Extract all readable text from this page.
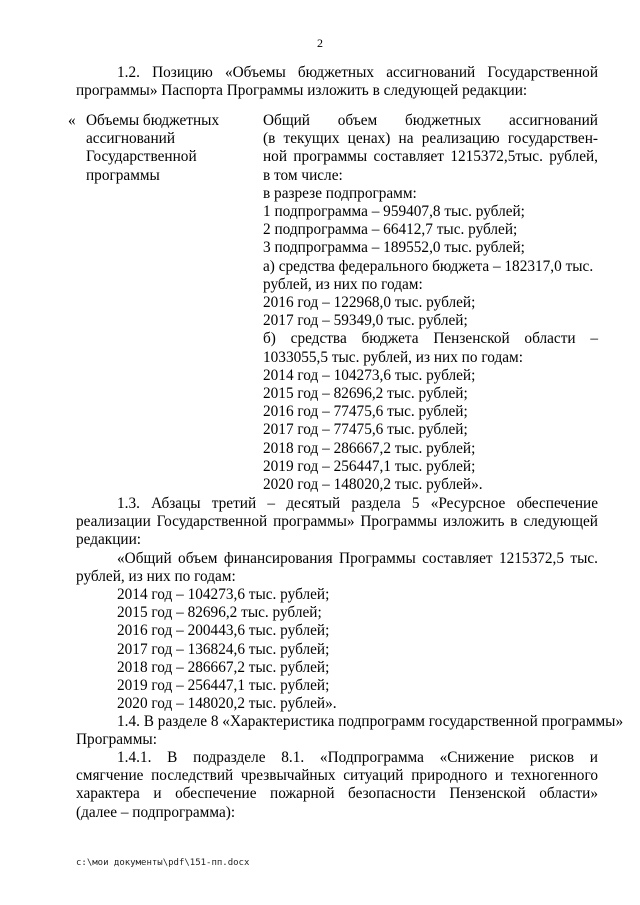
2
1.2. Позицию «Объемы бюджетных ассигнований Государственной
программы» Паспорта Программы изложить в следующей редакции:
« Объемы бюджетных
ассигнований
Государственной
программы
Общий объем бюджетных ассигнований
(в текущих ценах) на реализацию государствен-
ной программы составляет 1215372,5тыс. рублей,
в том числе:
в разрезе подпрограмм:
1 подпрограмма – 959407,8 тыс. рублей;
2 подпрограмма – 66412,7 тыс. рублей;
3 подпрограмма – 189552,0 тыс. рублей;
а) средства федерального бюджета – 182317,0 тыс.
рублей, из них по годам:
2016 год – 122968,0 тыс. рублей;
2017 год – 59349,0 тыс. рублей;
б) средства бюджета Пензенской области –
1033055,5 тыс. рублей, из них по годам:
2014 год – 104273,6 тыс. рублей;
2015 год – 82696,2 тыс. рублей;
2016 год – 77475,6 тыс. рублей;
2017 год – 77475,6 тыс. рублей;
2018 год – 286667,2 тыс. рублей;
2019 год – 256447,1 тыс. рублей;
2020 год – 148020,2 тыс. рублей».
1.3. Абзацы третий – десятый раздела 5 «Ресурсное обеспечение
реализации Государственной программы» Программы изложить в следующей
редакции:
«Общий объем финансирования Программы составляет 1215372,5 тыс.
рублей, из них по годам:
2014 год – 104273,6 тыс. рублей;
2015 год – 82696,2 тыс. рублей;
2016 год – 200443,6 тыс. рублей;
2017 год – 136824,6 тыс. рублей;
2018 год – 286667,2 тыс. рублей;
2019 год – 256447,1 тыс. рублей;
2020 год – 148020,2 тыс. рублей».
1.4. В разделе 8 «Характеристика подпрограмм государственной программы»
Программы:
1.4.1. В подразделе 8.1. «Подпрограмма «Снижение рисков и
смягчение последствий чрезвычайных ситуаций природного и техногенного
характера и обеспечение пожарной безопасности Пензенской области»
(далее – подпрограмма):
c:\мои документы\pdf\151-пп.docx
